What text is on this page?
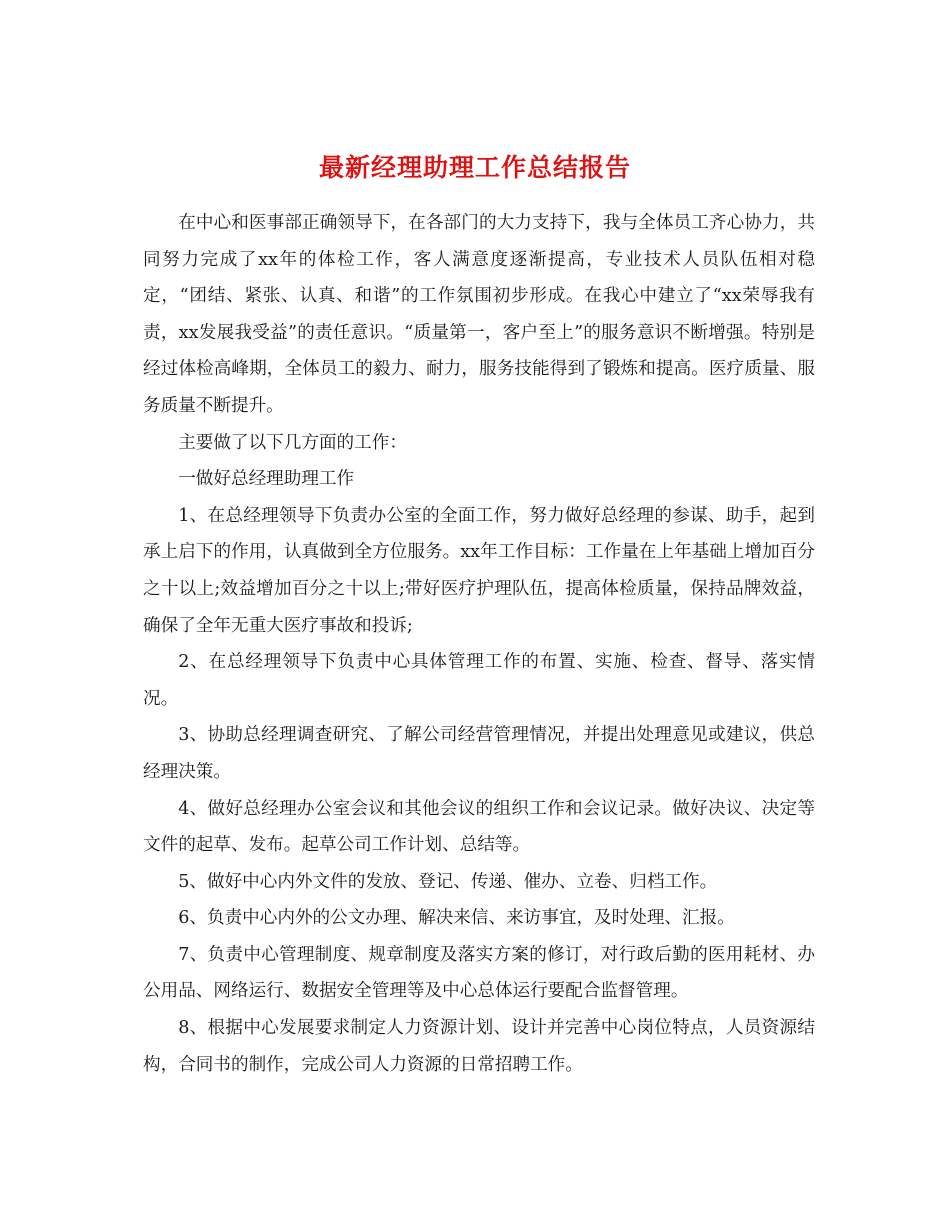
最新经理助理工作总结报告

在中心和医事部正确领导下，在各部门的大力支持下，我与全体员工齐心协力，共同努力完成了xx年的体检工作，客人满意度逐渐提高，专业技术人员队伍相对稳定，“团结、紧张、认真、和谐”的工作氛围初步形成。在我心中建立了“xx荣辱我有责，xx发展我受益”的责任意识。“质量第一，客户至上”的服务意识不断增强。特别是经过体检高峰期，全体员工的毅力、耐力，服务技能得到了锻炼和提高。医疗质量、服务质量不断提升。

主要做了以下几方面的工作：

一做好总经理助理工作

1、在总经理领导下负责办公室的全面工作，努力做好总经理的参谋、助手，起到承上启下的作用，认真做到全方位服务。xx年工作目标：工作量在上年基础上增加百分之十以上;效益增加百分之十以上;带好医疗护理队伍，提高体检质量，保持品牌效益，确保了全年无重大医疗事故和投诉;

2、在总经理领导下负责中心具体管理工作的布置、实施、检查、督导、落实情况。

3、协助总经理调查研究、了解公司经营管理情况，并提出处理意见或建议，供总经理决策。

4、做好总经理办公室会议和其他会议的组织工作和会议记录。做好决议、决定等文件的起草、发布。起草公司工作计划、总结等。

5、做好中心内外文件的发放、登记、传递、催办、立卷、归档工作。

6、负责中心内外的公文办理、解决来信、来访事宜，及时处理、汇报。

7、负责中心管理制度、规章制度及落实方案的修订，对行政后勤的医用耗材、办公用品、网络运行、数据安全管理等及中心总体运行要配合监督管理。

8、根据中心发展要求制定人力资源计划、设计并完善中心岗位特点，人员资源结构，合同书的制作，完成公司人力资源的日常招聘工作。
